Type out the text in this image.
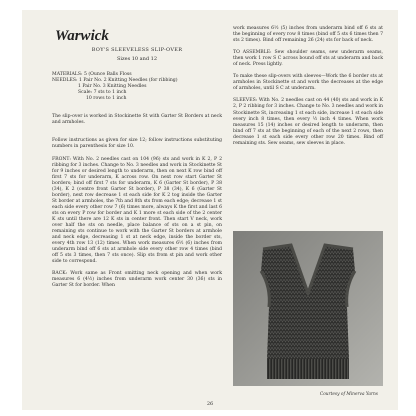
Warwick
BOY'S SLEEVELESS SLIP-OVER
Sizes 10 and 12

MATERIALS: 5 (Ounce Balls Floss

NEEDLES: 1 Pair No. 2 Knitting Needles (for ribbing)

1 Pair No. 3 Knitting Needles

Scale: 7 sts to 1 inch

10 rows to 1 inch

The slip-over is worked in Stockinette St with Garter St Borders at neck and armholes.

Follow instructions as given for size 12; follow instructions substituting numbers in parenthesis for size 10.

FRONT: With No. 2 needles cast on 104 (96) sts and work in K 2, P 2 ribbing for 3 inches. Change to No. 3 needles and work in Stockinette St for 9 inches or desired length to underarm, then on next K row bind off first 7 sts for underarm, K across row. On next row start Garter St borders; bind off first 7 sts for underarm, K 6 (Garter St border), P 38 (34), K 2 (centre front Garter St border), P 38 (34), K 6 (Garter St border), next row decrease 1 st each side for K 2 tog inside the Garter St border at armholes, the 7th and 8th sts from each edge; decrease 1 st each side every other row 7 (6) times more, always K the first and last 6 sts on every P row for border and K 1 more st each side of the 2 center K sts until there are 12 K sts in center front. Then start V neck, work over half the sts on needle, place balance of sts on a st pin, on remaining sts continue to work with the Garter St borders at armhole and neck edge, decreasing 1 st at neck edge, inside the border sts, every 4th row 13 (12) times. When work measures 6½ (6) inches from underarm bind off 6 sts at armhole side every other row 4 times (bind off 5 sts 3 times, then 7 sts once). Slip sts from st pin and work other side to correspond.

BACK: Work same as Front omitting neck opening and when work measures 6 (4½) inches from underarm work center 30 (36) sts in Garter St for border. When

work measures 6½ (5) inches from underarm bind off 6 sts at the beginning of every row 8 times (bind off 5 sts 6 times then 7 sts 2 times). Bind off remaining 26 (24) sts for back of neck.

TO ASSEMBLE: Sew shoulder seams, sew underarm seams, then work 1 row S C across bound off sts at underarm and back of neck. Press lightly.

To make these slip-overs with sleeves—Work the 6 border sts at armholes in Stockinette st and work the decreases at the edge of armholes, until S C at underarm.

SLEEVES: With No. 2 needles cast on 44 (40) sts and work in K 2, P 2 ribbing for 3 inches. Change to No. 3 needles and work in Stockinette St, increasing 1 st each side, increase 1 st each side every inch 8 times, then every ½ inch 4 times. When work measures 15 (14) inches or desired length to underarm, then bind off 7 sts at the beginning of each of the next 2 rows, then decrease 1 st each side every other row 20 times. Bind off remaining sts. Sew seams, sew sleeves in place.

Courtesy of Minerva Yarns
26
